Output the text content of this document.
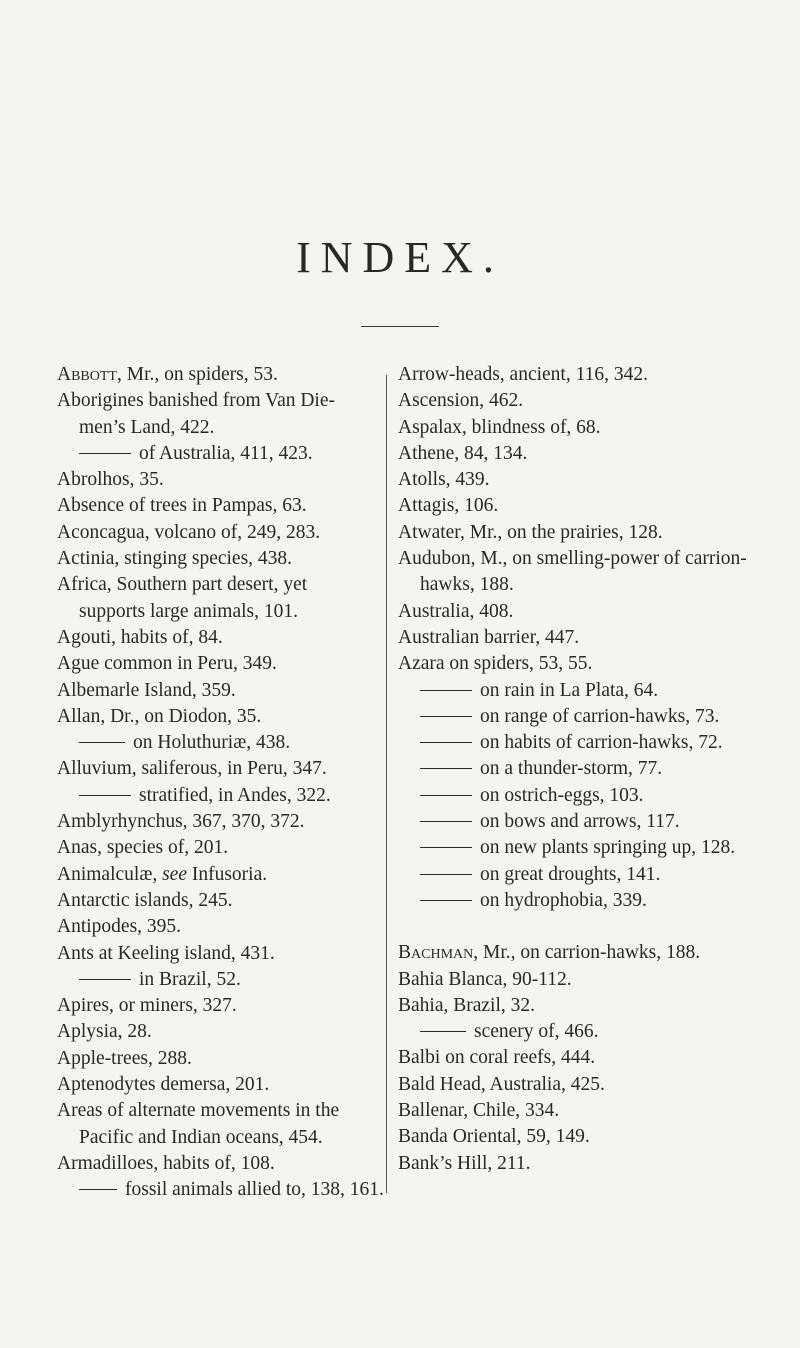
INDEX.
Abbott, Mr., on spiders, 53.
Aborigines banished from Van Diemen’s Land, 422.
of Australia, 411, 423.
Abrolhos, 35.
Absence of trees in Pampas, 63.
Aconcagua, volcano of, 249, 283.
Actinia, stinging species, 438.
Africa, Southern part desert, yet supports large animals, 101.
Agouti, habits of, 84.
Ague common in Peru, 349.
Albemarle Island, 359.
Allan, Dr., on Diodon, 35.
on Holuthuriæ, 438.
Alluvium, saliferous, in Peru, 347.
stratified, in Andes, 322.
Amblyrhynchus, 367, 370, 372.
Anas, species of, 201.
Animalculæ, see Infusoria.
Antarctic islands, 245.
Antipodes, 395.
Ants at Keeling island, 431.
in Brazil, 52.
Apires, or miners, 327.
Aplysia, 28.
Apple-trees, 288.
Aptenodytes demersa, 201.
Areas of alternate movements in the Pacific and Indian oceans, 454.
Armadilloes, habits of, 108.
fossil animals allied to, 138, 161.
Arrow-heads, ancient, 116, 342.
Ascension, 462.
Aspalax, blindness of, 68.
Athene, 84, 134.
Atolls, 439.
Attagis, 106.
Atwater, Mr., on the prairies, 128.
Audubon, M., on smelling-power of carrion-hawks, 188.
Australia, 408.
Australian barrier, 447.
Azara on spiders, 53, 55.
on rain in La Plata, 64.
on range of carrion-hawks, 73.
on habits of carrion-hawks, 72.
on a thunder-storm, 77.
on ostrich-eggs, 103.
on bows and arrows, 117.
on new plants springing up, 128.
on great droughts, 141.
on hydrophobia, 339.
Bachman, Mr., on carrion-hawks, 188.
Bahia Blanca, 90-112.
Bahia, Brazil, 32.
scenery of, 466.
Balbi on coral reefs, 444.
Bald Head, Australia, 425.
Ballenar, Chile, 334.
Banda Oriental, 59, 149.
Bank’s Hill, 211.
